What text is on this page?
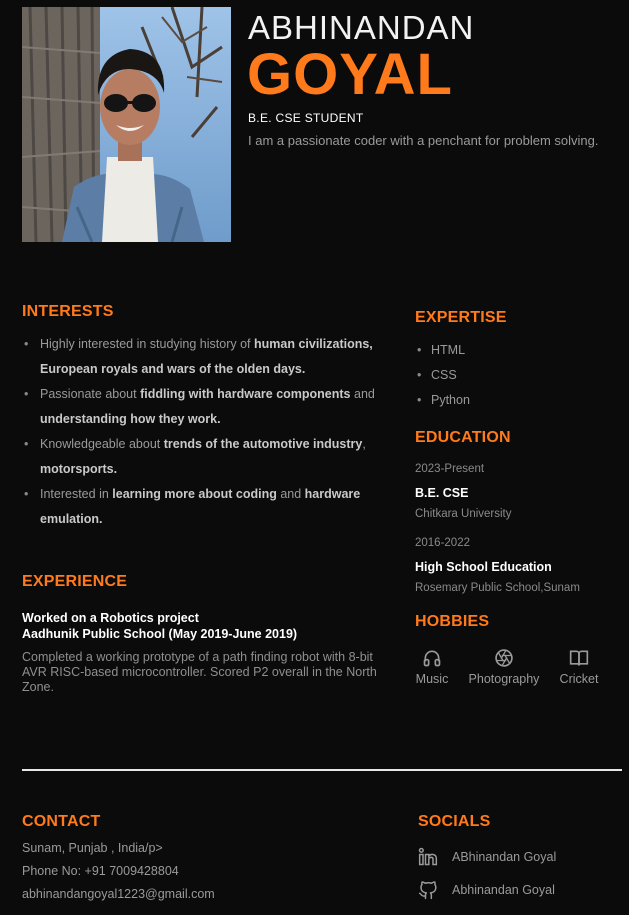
ABHINANDAN
GOYAL
B.E. CSE STUDENT
I am a passionate coder with a penchant for problem solving.
INTERESTS
• Highly interested in studying history of human civilizations, European royals and wars of the olden days.
• Passionate about fiddling with hardware components and understanding how they work.
• Knowledgeable about trends of the automotive industry, motorsports.
• Interested in learning more about coding and hardware emulation.
EXPERIENCE
Worked on a Robotics project
Aadhunik Public School (May 2019-June 2019)
Completed a working prototype of a path finding robot with 8-bit AVR RISC-based microcontroller. Scored P2 overall in the North Zone.
EXPERTISE
• HTML
• CSS
• Python
EDUCATION
2023-Present
B.E. CSE
Chitkara University
2016-2022
High School Education
Rosemary Public School,Sunam
HOBBIES
Music Photography Cricket
CONTACT
Sunam, Punjab , India/p>
Phone No: +91 7009428804
abhinandangoyal1223@gmail.com
SOCIALS
ABhinandan Goyal
Abhinandan Goyal
